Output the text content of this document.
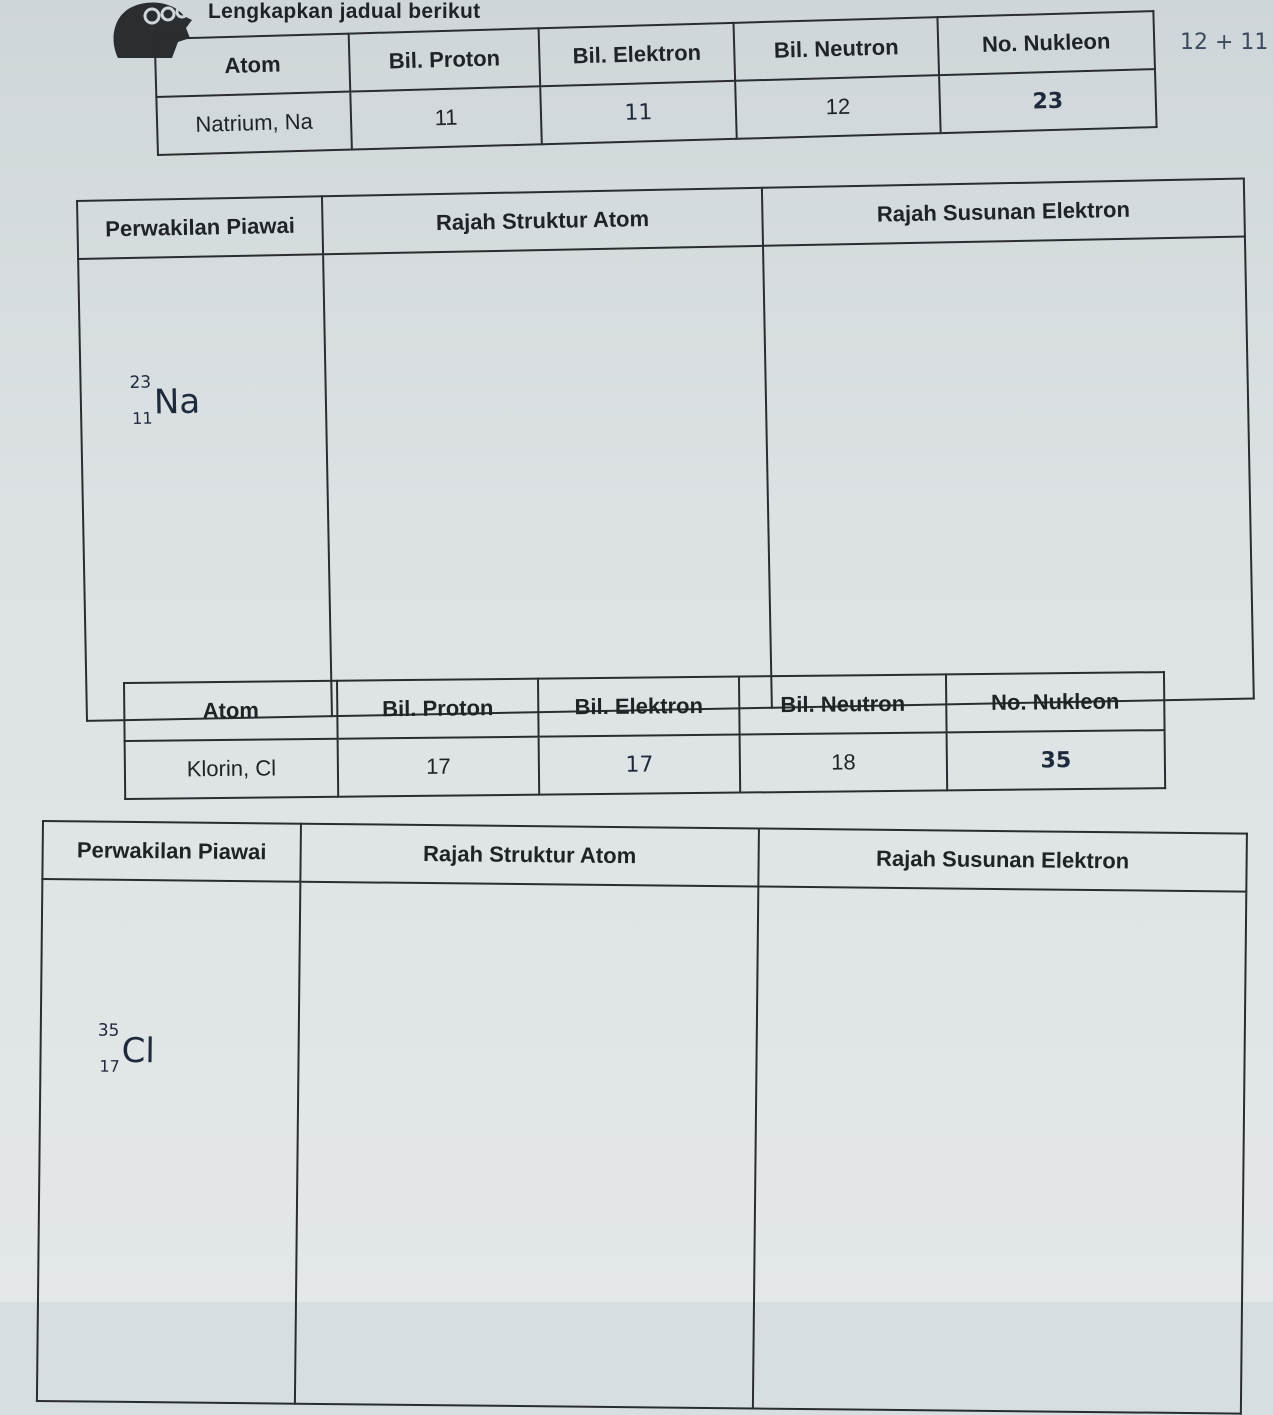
Lengkapkan jadual berikut
12 + 11
Atom	Bil. Proton	Bil. Elektron	Bil. Neutron	No. Nukleon
Natrium, Na	11	11	12	23
Perwakilan Piawai	Rajah Struktur Atom	Rajah Susunan Elektron

23
11 Na		
Atom	Bil. Proton	Bil. Elektron	Bil. Neutron	No. Nukleon
Klorin, Cl	17	17	18	35
Perwakilan Piawai	Rajah Struktur Atom	Rajah Susunan Elektron

35
17 Cl		
